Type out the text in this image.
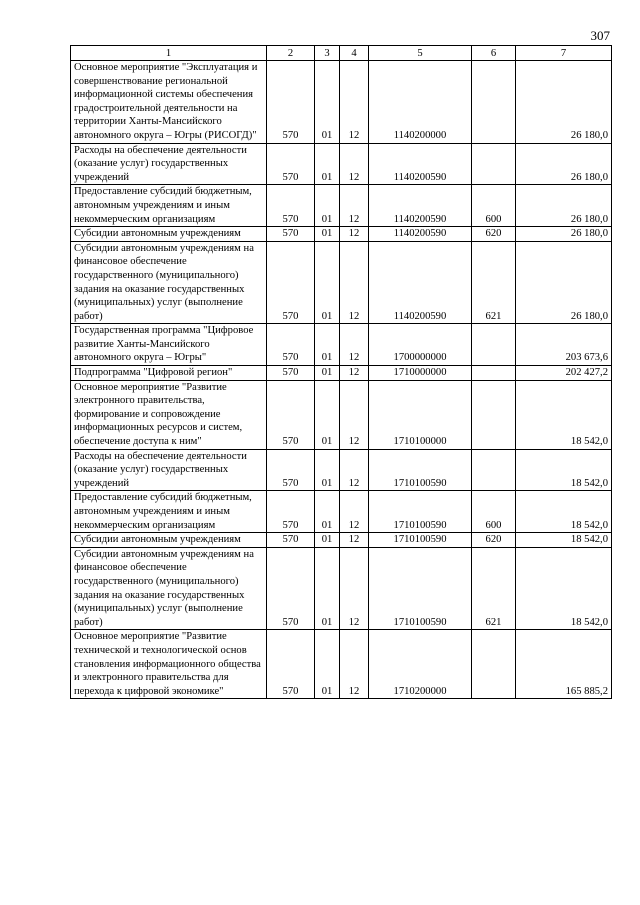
307
1	2	3	4	5	6	7
Основное мероприятие "Эксплуатация и совершенствование региональной информационной системы обеспечения градостроительной деятельности на территории Ханты-Мансийского автономного округа – Югры (РИСОГД)"	570	01	12	1140200000		26 180,0
Расходы на обеспечение деятельности (оказание услуг) государственных учреждений	570	01	12	1140200590		26 180,0
Предоставление субсидий бюджетным, автономным учреждениям и иным некоммерческим организациям	570	01	12	1140200590	600	26 180,0
Субсидии автономным учреждениям	570	01	12	1140200590	620	26 180,0
Субсидии автономным учреждениям на финансовое обеспечение государственного (муниципального) задания на оказание государственных (муниципальных) услуг (выполнение работ)	570	01	12	1140200590	621	26 180,0
Государственная программа "Цифровое развитие Ханты-Мансийского автономного округа – Югры"	570	01	12	1700000000		203 673,6
Подпрограмма "Цифровой регион"	570	01	12	1710000000		202 427,2
Основное мероприятие "Развитие электронного правительства, формирование и сопровождение информационных ресурсов и систем, обеспечение доступа к ним"	570	01	12	1710100000		18 542,0
Расходы на обеспечение деятельности (оказание услуг) государственных учреждений	570	01	12	1710100590		18 542,0
Предоставление субсидий бюджетным, автономным учреждениям и иным некоммерческим организациям	570	01	12	1710100590	600	18 542,0
Субсидии автономным учреждениям	570	01	12	1710100590	620	18 542,0
Субсидии автономным учреждениям на финансовое обеспечение государственного (муниципального) задания на оказание государственных (муниципальных) услуг (выполнение работ)	570	01	12	1710100590	621	18 542,0
Основное мероприятие "Развитие технической и технологической основ становления информационного общества и электронного правительства для перехода к цифровой экономике"	570	01	12	1710200000		165 885,2
